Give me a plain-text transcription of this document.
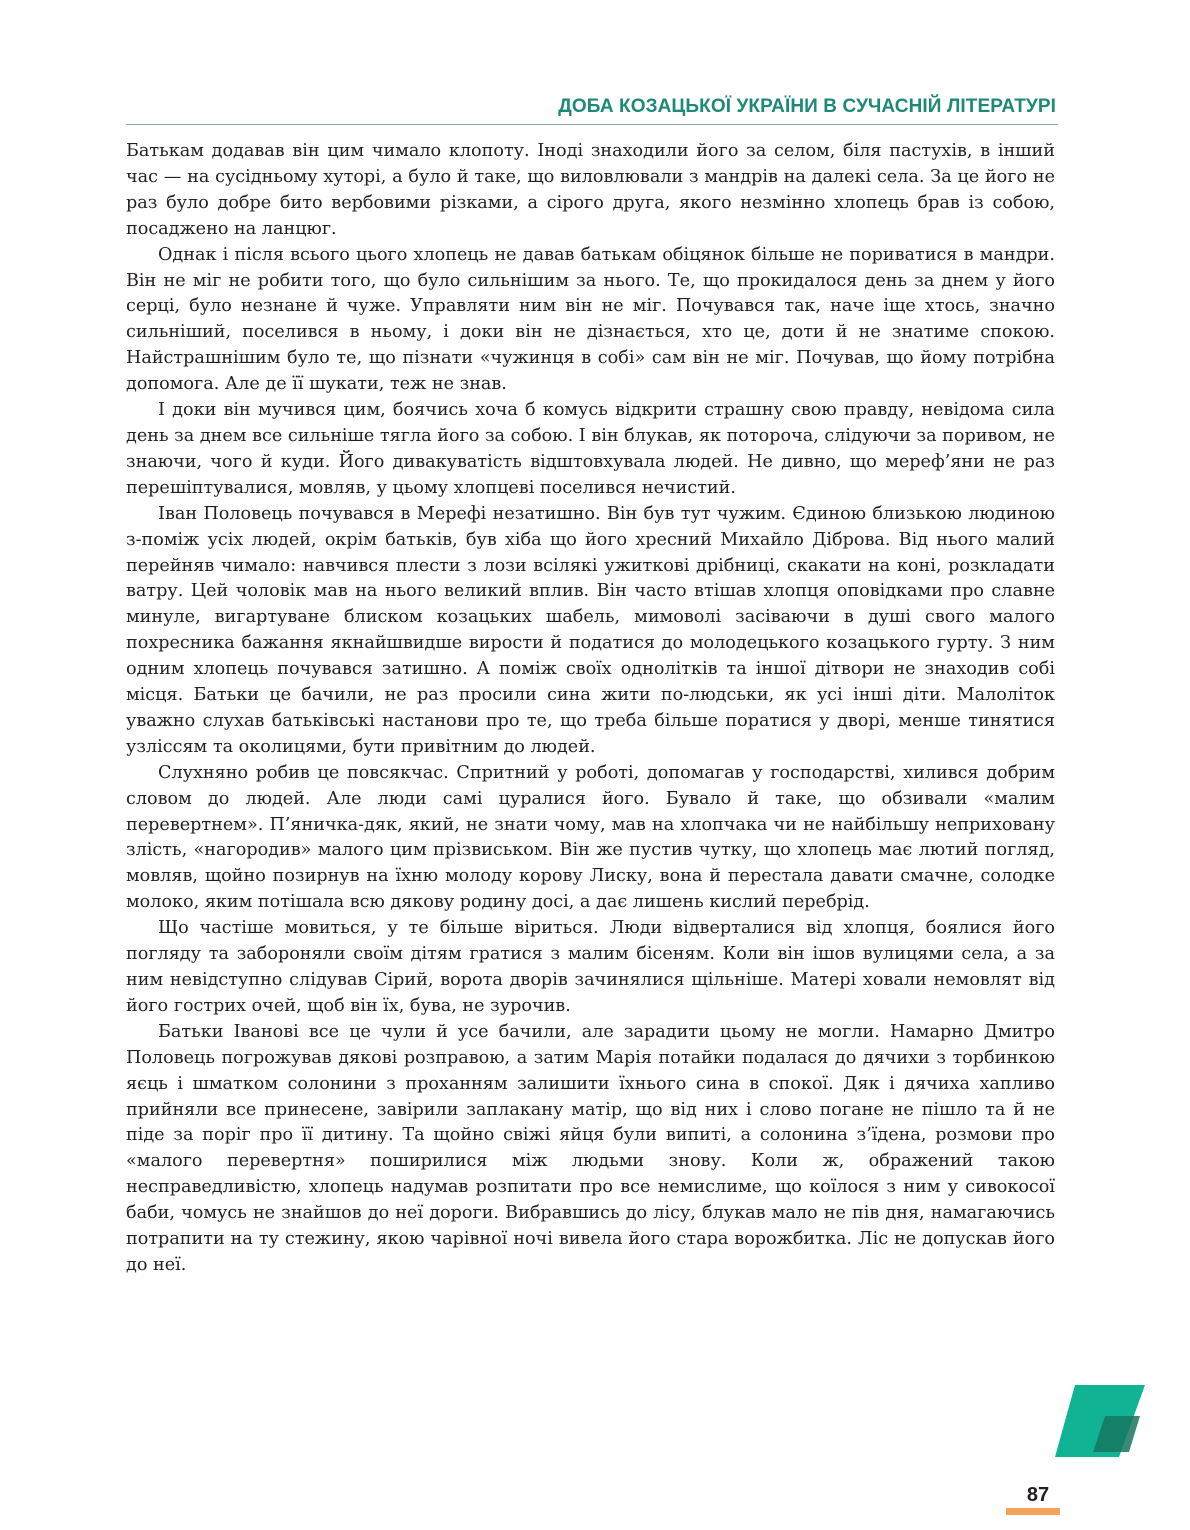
ДОБА КОЗАЦЬКОЇ УКРАЇНИ В СУЧАСНІЙ ЛІТЕРАТУРІ

Батькам додавав він цим чимало клопоту. Іноді знаходили його за селом, біля пастухів, в інший час — на сусідньому хуторі, а було й таке, що виловлювали з мандрів на далекі села. За це його не раз було добре бито вербовими різками, а сірого друга, якого незмінно хлопець брав із собою, посаджено на ланцюг.

Однак і після всього цього хлопець не давав батькам обіцянок більше не пориватися в мандри. Він не міг не робити того, що було сильнішим за нього. Те, що прокидалося день за днем у його серці, було незнане й чуже. Управляти ним він не міг. Почувався так, наче іще хтось, значно сильніший, поселився в ньому, і доки він не дізнається, хто це, доти й не знатиме спокою. Найстрашнішим було те, що пізнати «чужинця в собі» сам він не міг. Почував, що йому потрібна допомога. Але де її шукати, теж не знав.

І доки він мучився цим, боячись хоча б комусь відкрити страшну свою правду, невідома сила день за днем все сильніше тягла його за собою. І він блукав, як потороча, слідуючи за поривом, не знаючи, чого й куди. Його дивакуватість відштовхувала людей. Не дивно, що мереф’яни не раз перешіптувалися, мовляв, у цьому хлопцеві поселився нечистий.

Іван Половець почувався в Мерефі незатишно. Він був тут чужим. Єдиною близькою людиною з-поміж усіх людей, окрім батьків, був хіба що його хресний Михайло Діброва. Від нього малий перейняв чимало: навчився плести з лози всілякі ужиткові дрібниці, скакати на коні, розкладати ватру. Цей чоловік мав на нього великий вплив. Він часто втішав хлопця оповідками про славне минуле, вигартуване блиском козацьких шабель, мимоволі засіваючи в душі свого малого похресника бажання якнайшвидше вирости й податися до молодецького козацького гурту. З ним одним хлопець почувався затишно. А поміж своїх однолітків та іншої дітвори не знаходив собі місця. Батьки це бачили, не раз просили сина жити по-людськи, як усі інші діти. Малоліток уважно слухав батьківські настанови про те, що треба більше поратися у дворі, менше тинятися узліссям та околицями, бути привітним до людей.

Слухняно робив це повсякчас. Спритний у роботі, допомагав у господарстві, хилився добрим словом до людей. Але люди самі цуралися його. Бувало й таке, що обзивали «малим перевертнем». П’яничка-дяк, який, не знати чому, мав на хлопчака чи не найбільшу неприховану злість, «нагородив» малого цим прізвиськом. Він же пустив чутку, що хлопець має лютий погляд, мовляв, щойно позирнув на їхню молоду корову Лиску, вона й перестала давати смачне, солодке молоко, яким потішала всю дякову родину досі, а дає лишень кислий перебрід.

Що частіше мовиться, у те більше віриться. Люди відверталися від хлопця, боялися його погляду та забороняли своїм дітям гратися з малим бісеням. Коли він ішов вулицями села, а за ним невідступно слідував Сірий, ворота дворів зачинялися щільніше. Матері ховали немовлят від його гострих очей, щоб він їх, бува, не зурочив.

Батьки Іванові все це чули й усе бачили, але зарадити цьому не могли. Намарно Дмитро Половець погрожував дякові розправою, а затим Марія потайки подалася до дячихи з торбинкою яєць і шматком солонини з проханням залишити їхнього сина в спокої. Дяк і дячиха хапливо прийняли все принесене, завірили заплакану матір, що від них і слово погане не пішло та й не піде за поріг про її дитину. Та щойно свіжі яйця були випиті, а солонина з’їдена, розмови про «малого перевертня» поширилися між людьми знову. Коли ж, ображений такою несправедливістю, хлопець надумав розпитати про все немислиме, що коїлося з ним у сивокосої баби, чомусь не знайшов до неї дороги. Вибравшись до лісу, блукав мало не пів дня, намагаючись потрапити на ту стежину, якою чарівної ночі вивела його стара ворожбитка. Ліс не допускав його до неї.

87
